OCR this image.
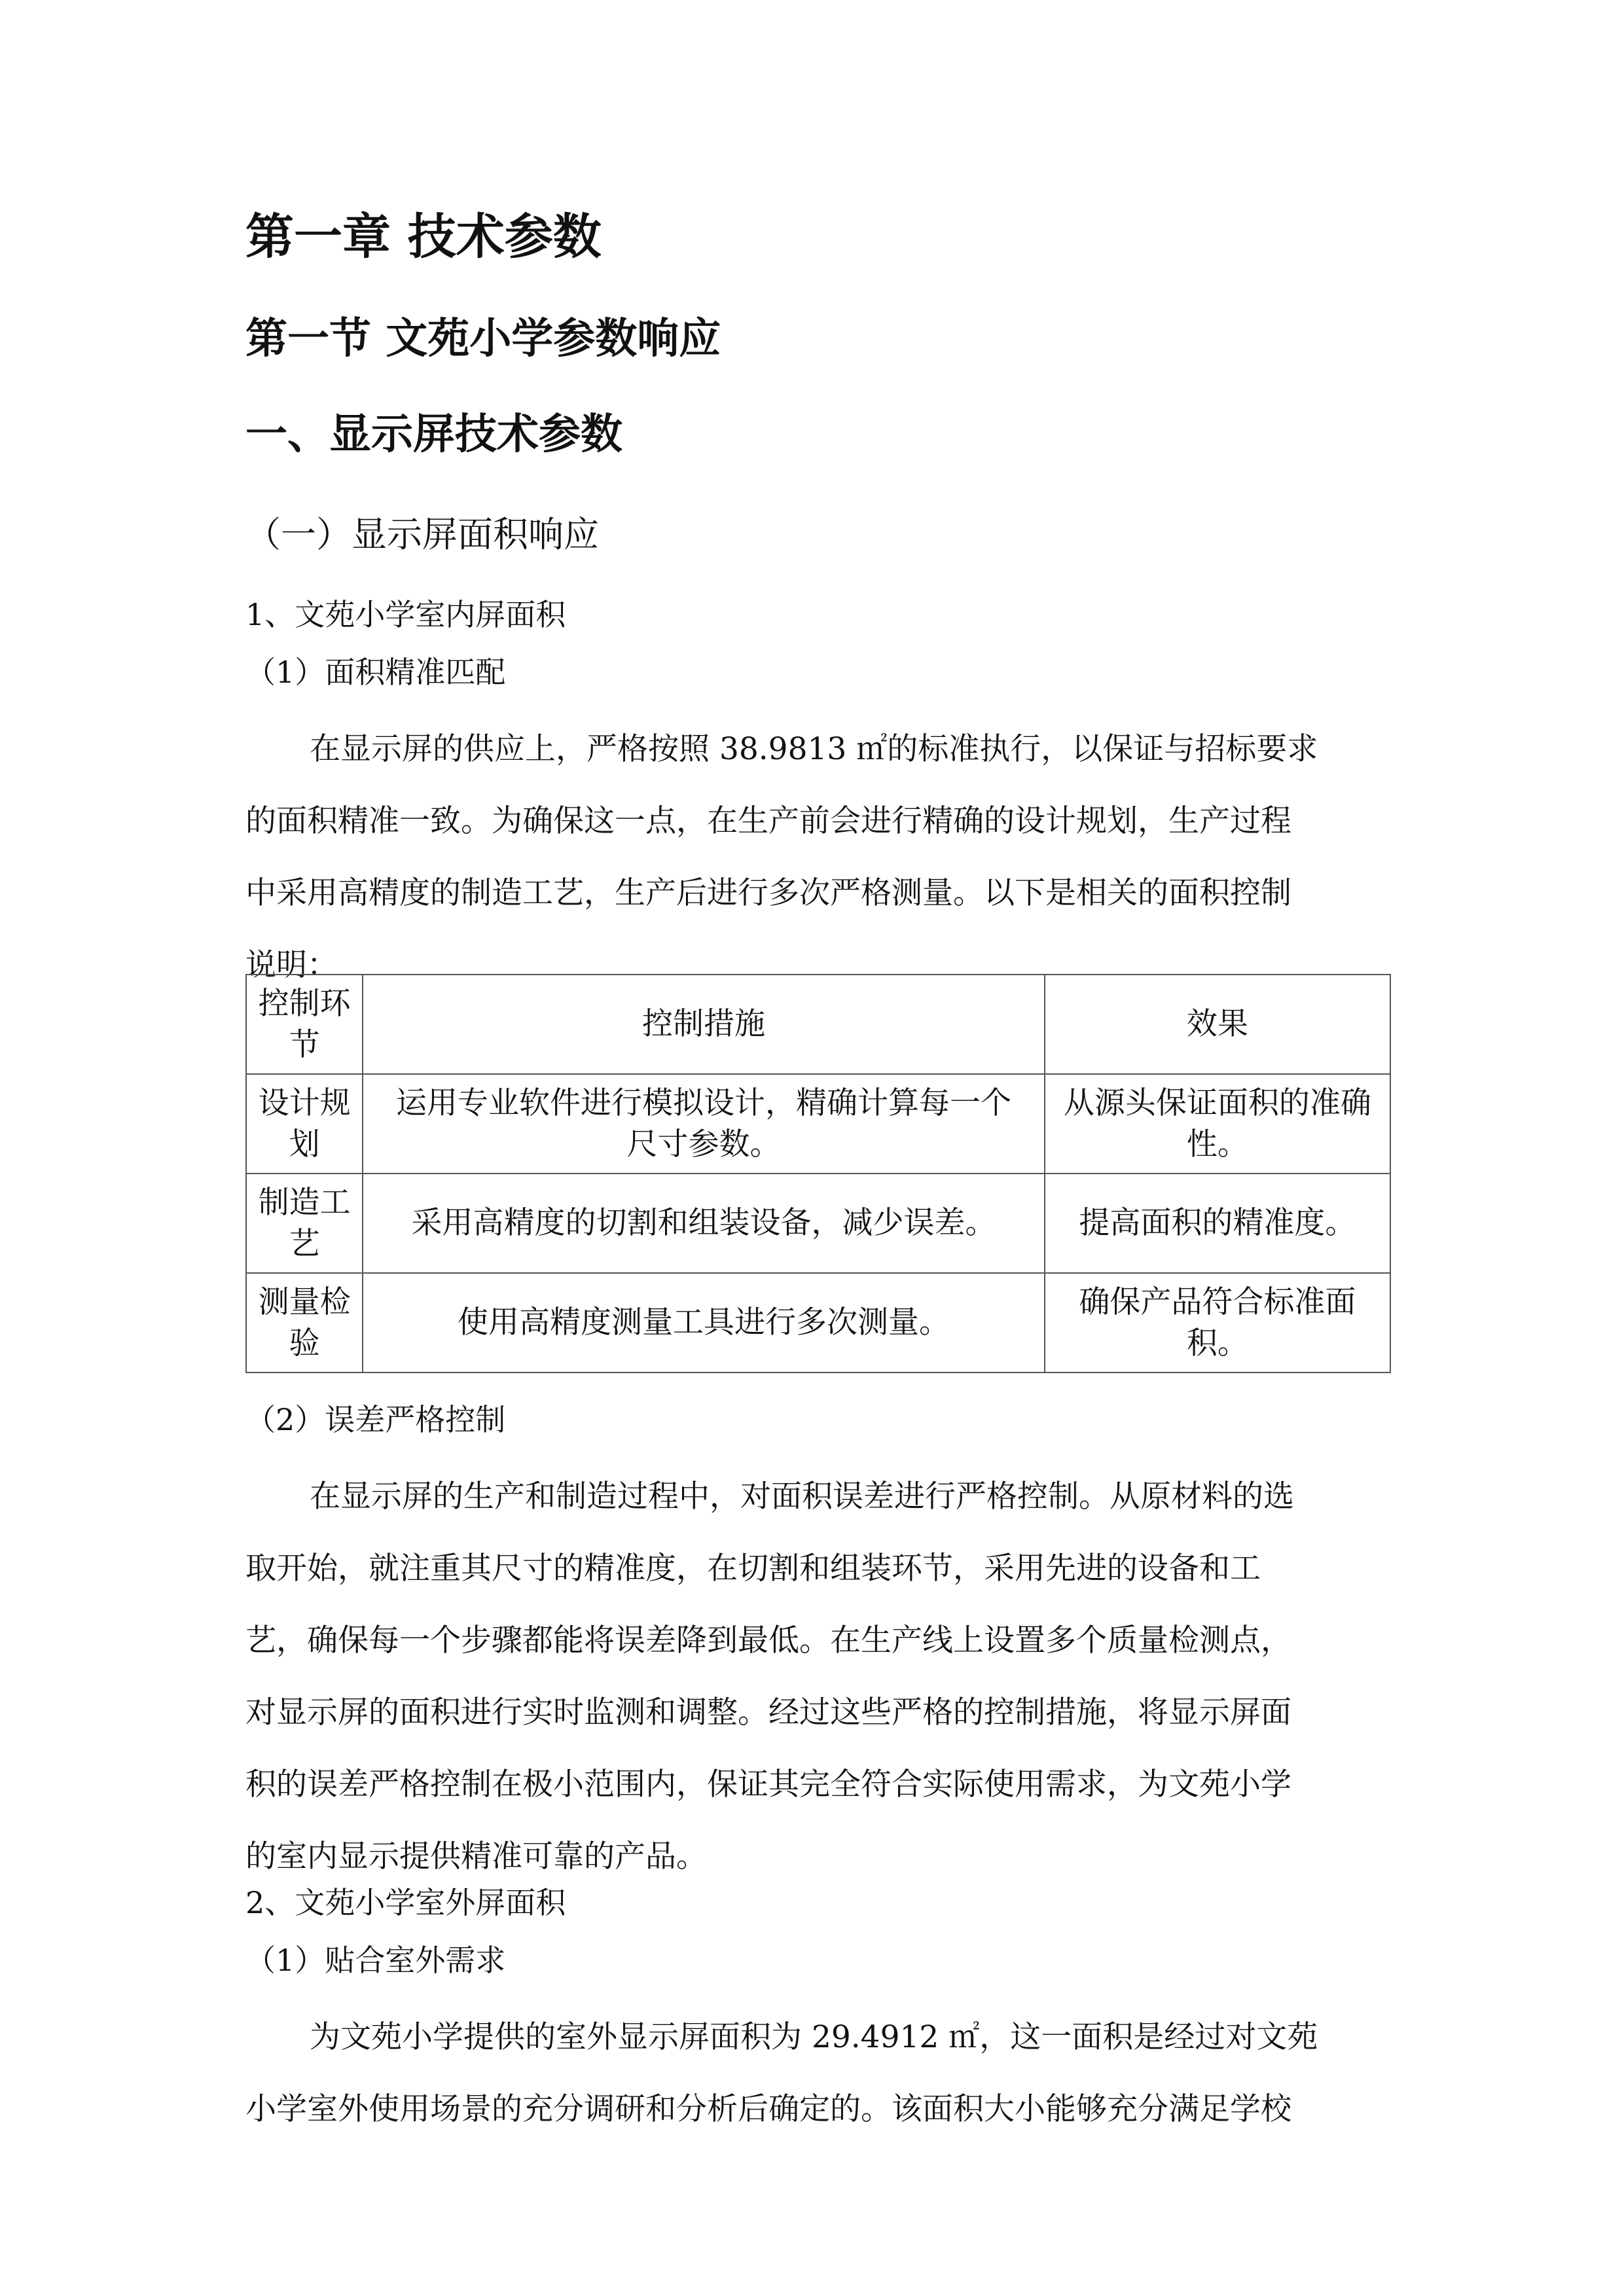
第一章 技术参数
第一节 文苑小学参数响应
一、显示屏技术参数
（一）显示屏面积响应
1、文苑小学室内屏面积
（1）面积精准匹配
在显示屏的供应上，严格按照 38.9813 ㎡的标准执行，以保证与招标要求
的面积精准一致。为确保这一点，在生产前会进行精确的设计规划，生产过程
中采用高精度的制造工艺，生产后进行多次严格测量。以下是相关的面积控制
说明：
控制环
节	控制措施	效果
设计规
划	运用专业软件进行模拟设计，精确计算每一个
尺寸参数。	从源头保证面积的准确
性。
制造工
艺	采用高精度的切割和组装设备，减少误差。	提高面积的精准度。
测量检
验	使用高精度测量工具进行多次测量。	确保产品符合标准面
积。
（2）误差严格控制
在显示屏的生产和制造过程中，对面积误差进行严格控制。从原材料的选
取开始，就注重其尺寸的精准度，在切割和组装环节，采用先进的设备和工
艺，确保每一个步骤都能将误差降到最低。在生产线上设置多个质量检测点，
对显示屏的面积进行实时监测和调整。经过这些严格的控制措施，将显示屏面
积的误差严格控制在极小范围内，保证其完全符合实际使用需求，为文苑小学
的室内显示提供精准可靠的产品。
2、文苑小学室外屏面积
（1）贴合室外需求
为文苑小学提供的室外显示屏面积为 29.4912 ㎡，这一面积是经过对文苑
小学室外使用场景的充分调研和分析后确定的。该面积大小能够充分满足学校
